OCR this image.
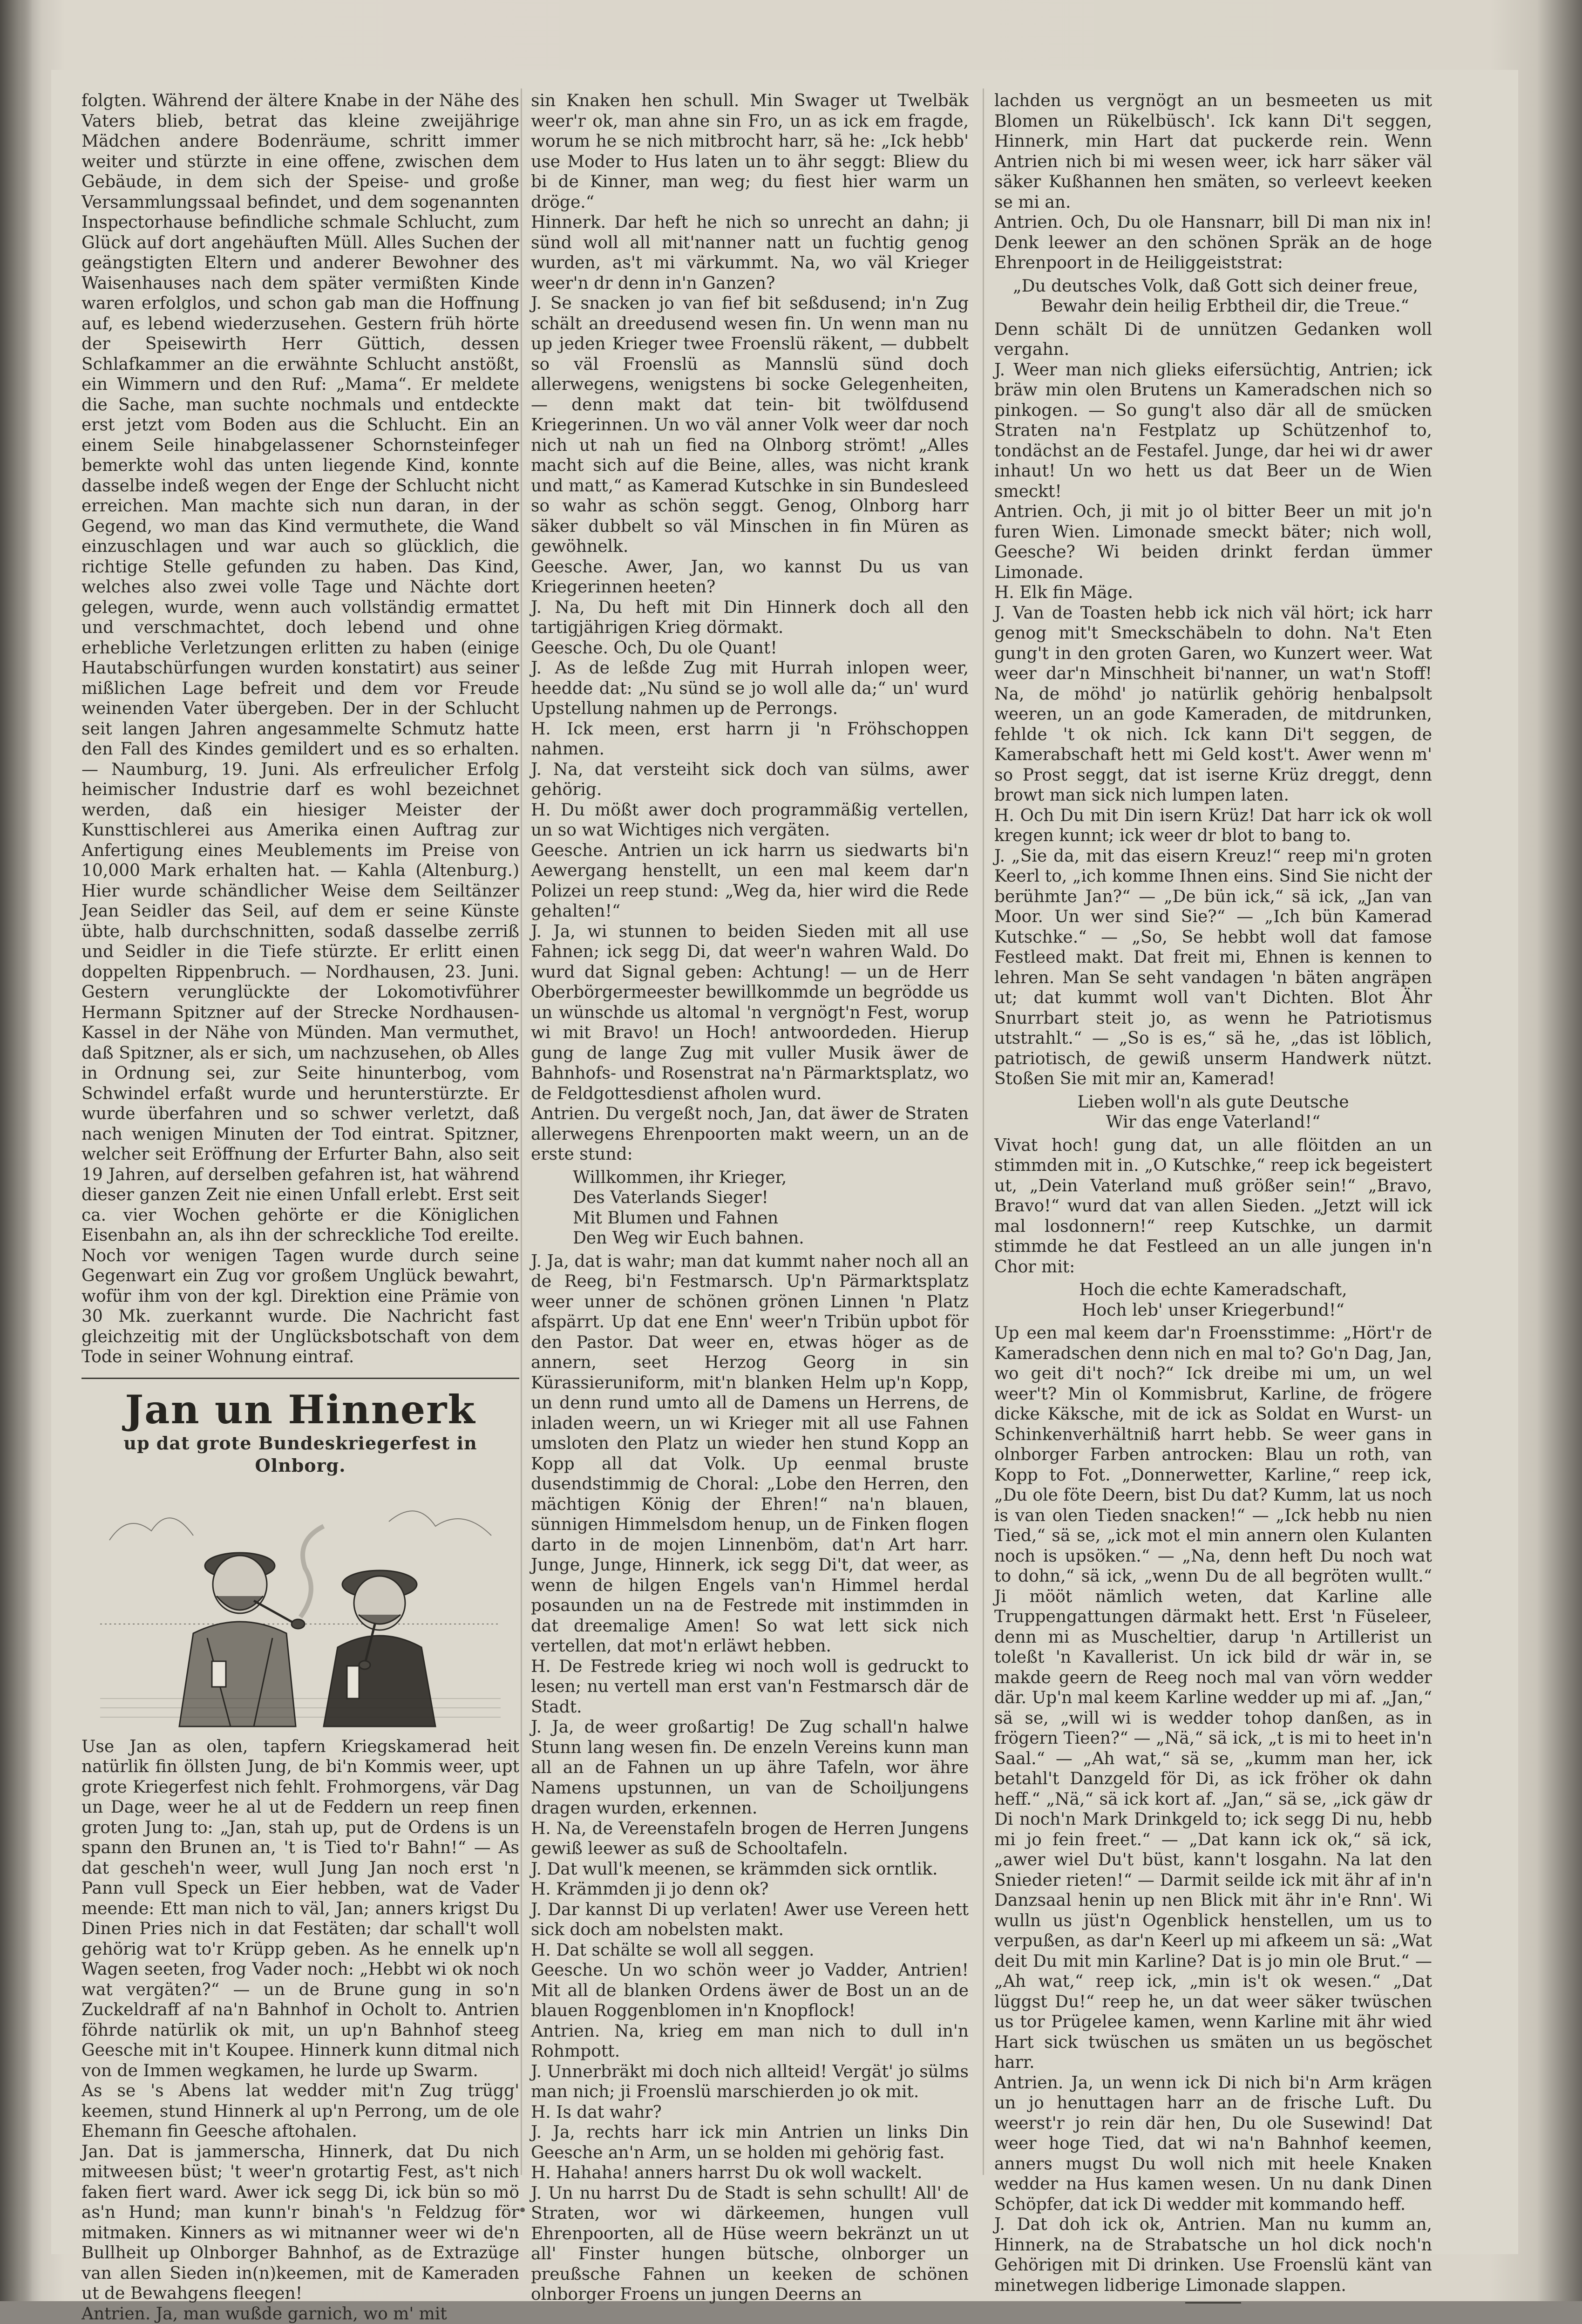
folgten. Während der ältere Knabe in der Nähe des Vaters blieb, betrat das kleine zweijährige Mädchen andere Bodenräume, schritt immer weiter und stürzte in eine offene, zwischen dem Gebäude, in dem sich der Speise- und große Versammlungssaal befindet, und dem sogenannten Inspectorhause befindliche schmale Schlucht, zum Glück auf dort angehäuften Müll. Alles Suchen der geängstigten Eltern und anderer Bewohner des Waisenhauses nach dem später vermißten Kinde waren erfolglos, und schon gab man die Hoffnung auf, es lebend wiederzusehen. Gestern früh hörte der Speisewirth Herr Güttich, dessen Schlafkammer an die erwähnte Schlucht anstößt, ein Wimmern und den Ruf: „Mama“. Er meldete die Sache, man suchte nochmals und entdeckte erst jetzt vom Boden aus die Schlucht. Ein an einem Seile hinabgelassener Schornsteinfeger bemerkte wohl das unten liegende Kind, konnte dasselbe indeß wegen der Enge der Schlucht nicht erreichen. Man machte sich nun daran, in der Gegend, wo man das Kind vermuthete, die Wand einzuschlagen und war auch so glücklich, die richtige Stelle gefunden zu haben. Das Kind, welches also zwei volle Tage und Nächte dort gelegen, wurde, wenn auch vollständig ermattet und verschmachtet, doch lebend und ohne erhebliche Verletzungen erlitten zu haben (einige Hautabschürfungen wurden konstatirt) aus seiner mißlichen Lage befreit und dem vor Freude weinenden Vater übergeben. Der in der Schlucht seit langen Jahren angesammelte Schmutz hatte den Fall des Kindes gemildert und es so erhalten. — Naumburg, 19. Juni. Als erfreulicher Erfolg heimischer Industrie darf es wohl bezeichnet werden, daß ein hiesiger Meister der Kunsttischlerei aus Amerika einen Auftrag zur Anfertigung eines Meublements im Preise von 10,000 Mark erhalten hat. — Kahla (Altenburg.) Hier wurde schändlicher Weise dem Seiltänzer Jean Seidler das Seil, auf dem er seine Künste übte, halb durchschnitten, sodaß dasselbe zerriß und Seidler in die Tiefe stürzte. Er erlitt einen doppelten Rippenbruch. — Nordhausen, 23. Juni. Gestern verunglückte der Lokomotivführer Hermann Spitzner auf der Strecke Nordhausen-Kassel in der Nähe von Münden. Man vermuthet, daß Spitzner, als er sich, um nachzusehen, ob Alles in Ordnung sei, zur Seite hinunterbog, vom Schwindel erfaßt wurde und herunterstürzte. Er wurde überfahren und so schwer verletzt, daß nach wenigen Minuten der Tod eintrat. Spitzner, welcher seit Eröffnung der Erfurter Bahn, also seit 19 Jahren, auf derselben gefahren ist, hat während dieser ganzen Zeit nie einen Unfall erlebt. Erst seit ca. vier Wochen gehörte er die Königlichen Eisenbahn an, als ihn der schreckliche Tod ereilte. Noch vor wenigen Tagen wurde durch seine Gegenwart ein Zug vor großem Unglück bewahrt, wofür ihm von der kgl. Direktion eine Prämie von 30 Mk. zuerkannt wurde. Die Nachricht fast gleichzeitig mit der Unglücksbotschaft von dem Tode in seiner Wohnung eintraf.

Jan un Hinnerk
up dat grote Bundeskriegerfest in Olnborg.

Use Jan as olen, tapfern Kriegskamerad heit natürlik fin öllsten Jung, de bi'n Kommis weer, upt grote Kriegerfest nich fehlt. Frohmorgens, vär Dag un Dage, weer he al ut de Feddern un reep finen groten Jung to: „Jan, stah up, put de Ordens is un spann den Brunen an, 't is Tied to'r Bahn!“ — As dat gescheh'n weer, wull Jung Jan noch erst 'n Pann vull Speck un Eier hebben, wat de Vader meende: Ett man nich to väl, Jan; anners krigst Du Dinen Pries nich in dat Festäten; dar schall't woll gehörig wat to'r Krüpp geben. As he ennelk up'n Wagen seeten, frog Vader noch: „Hebbt wi ok noch wat vergäten?“ — un de Brune gung in so'n Zuckeldraff af na'n Bahnhof in Ocholt to. Antrien föhrde natürlik ok mit, un up'n Bahnhof steeg Geesche mit in't Koupee. Hinnerk kunn ditmal nich von de Immen wegkamen, he lurde up Swarm.

As se 's Abens lat wedder mit'n Zug trügg' keemen, stund Hinnerk al up'n Perrong, um de ole Ehemann fin Geesche aftohalen.

Jan. Dat is jammerscha, Hinnerk, dat Du nich mitweesen büst; 't weer'n grotartig Fest, as't nich faken fiert ward. Awer ick segg Di, ick bün so mö as'n Hund; man kunn'r binah's 'n Feldzug för mitmaken. Kinners as wi mitnanner weer wi de'n Bullheit up Olnborger Bahnhof, as de Extrazüge van allen Sieden in(n)keemen, mit de Kameraden ut de Bewahgens fleegen!

Antrien. Ja, man wußde garnich, wo m' mit

sin Knaken hen schull. Min Swager ut Twelbäk weer'r ok, man ahne sin Fro, un as ick em fragde, worum he se nich mitbrocht harr, sä he: „Ick hebb' use Moder to Hus laten un to ähr seggt: Bliew du bi de Kinner, man weg; du fiest hier warm un dröge.“

Hinnerk. Dar heft he nich so unrecht an dahn; ji sünd woll all mit'nanner natt un fuchtig genog wurden, as't mi värkummt. Na, wo väl Krieger weer'n dr denn in'n Ganzen?

J. Se snacken jo van fief bit seßdusend; in'n Zug schält an dreedusend wesen fin. Un wenn man nu up jeden Krieger twee Froenslü räkent, — dubbelt so väl Froenslü as Mannslü sünd doch allerwegens, wenigstens bi socke Gelegenheiten, — denn makt dat tein- bit twölfdusend Kriegerinnen. Un wo väl anner Volk weer dar noch nich ut nah un fied na Olnborg strömt! „Alles macht sich auf die Beine, alles, was nicht krank und matt,“ as Kamerad Kutschke in sin Bundesleed so wahr as schön seggt. Genog, Olnborg harr säker dubbelt so väl Minschen in fin Müren as gewöhnelk.

Geesche. Awer, Jan, wo kannst Du us van Kriegerinnen heeten?

J. Na, Du heft mit Din Hinnerk doch all den tartigjährigen Krieg dörmakt.

Geesche. Och, Du ole Quant!

J. As de leßde Zug mit Hurrah inlopen weer, heedde dat: „Nu sünd se jo woll alle da;“ un' wurd Upstellung nahmen up de Perrongs.

H. Ick meen, erst harrn ji 'n Fröhschoppen nahmen.

J. Na, dat versteiht sick doch van sülms, awer gehörig.

H. Du mößt awer doch programmäßig vertellen, un so wat Wichtiges nich vergäten.

Geesche. Antrien un ick harrn us siedwarts bi'n Aewergang henstellt, un een mal keem dar'n Polizei un reep stund: „Weg da, hier wird die Rede gehalten!“

J. Ja, wi stunnen to beiden Sieden mit all use Fahnen; ick segg Di, dat weer'n wahren Wald. Do wurd dat Signal geben: Achtung! — un de Herr Oberbörgermeester bewillkommde un begrödde us un wünschde us altomal 'n vergnögt'n Fest, worup wi mit Bravo! un Hoch! antwoordeden. Hierup gung de lange Zug mit vuller Musik äwer de Bahnhofs- und Rosenstrat na'n Pärmarktsplatz, wo de Feldgottesdienst afholen wurd.

Antrien. Du vergeßt noch, Jan, dat äwer de Straten allerwegens Ehrenpoorten makt weern, un an de erste stund:

Willkommen, ihr Krieger,
Des Vaterlands Sieger!
Mit Blumen und Fahnen
Den Weg wir Euch bahnen.

J. Ja, dat is wahr; man dat kummt naher noch all an de Reeg, bi'n Festmarsch. Up'n Pärmarktsplatz weer unner de schönen grönen Linnen 'n Platz afspärrt. Up dat ene Enn' weer'n Tribün upbot för den Pastor. Dat weer en, etwas höger as de annern, seet Herzog Georg in sin Kürassieruniform, mit'n blanken Helm up'n Kopp, un denn rund umto all de Damens un Herrens, de inladen weern, un wi Krieger mit all use Fahnen umsloten den Platz un wieder hen stund Kopp an Kopp all dat Volk. Up eenmal bruste dusendstimmig de Choral: „Lobe den Herren, den mächtigen König der Ehren!“ na'n blauen, sünnigen Himmelsdom henup, un de Finken flogen darto in de mojen Linnenböm, dat'n Art harr. Junge, Junge, Hinnerk, ick segg Di't, dat weer, as wenn de hilgen Engels van'n Himmel herdal posaunden un na de Festrede mit instimmden in dat dreemalige Amen! So wat lett sick nich vertellen, dat mot'n erläwt hebben.

H. De Festrede krieg wi noch woll is gedruckt to lesen; nu vertell man erst van'n Festmarsch där de Stadt.

J. Ja, de weer großartig! De Zug schall'n halwe Stunn lang wesen fin. De enzeln Vereins kunn man all an de Fahnen un up ähre Tafeln, wor ähre Namens upstunnen, un van de Schoiljungens dragen wurden, erkennen.

H. Na, de Vereenstafeln brogen de Herren Jungens gewiß leewer as suß de Schooltafeln.

J. Dat wull'k meenen, se krämmden sick orntlik.

H. Krämmden ji jo denn ok?

J. Dar kannst Di up verlaten! Awer use Vereen hett sick doch am nobelsten makt.

H. Dat schälte se woll all seggen.

Geesche. Un wo schön weer jo Vadder, Antrien! Mit all de blanken Ordens äwer de Bost un an de blauen Roggenblomen in'n Knopflock!

Antrien. Na, krieg em man nich to dull in'n Rohmpott.

J. Unnerbräkt mi doch nich allteid! Vergät' jo sülms man nich; ji Froenslü marschierden jo ok mit.

H. Is dat wahr?

J. Ja, rechts harr ick min Antrien un links Din Geesche an'n Arm, un se holden mi gehörig fast.

H. Hahaha! anners harrst Du ok woll wackelt.

J. Un nu harrst Du de Stadt is sehn schullt! All' de Straten, wor wi därkeemen, hungen vull Ehrenpoorten, all de Hüse weern bekränzt un ut all' Finster hungen bütsche, olnborger un preußsche Fahnen un keeken de schönen olnborger Froens un jungen Deerns an

lachden us vergnögt an un besmeeten us mit Blomen un Rükelbüsch'. Ick kann Di't seggen, Hinnerk, min Hart dat puckerde rein. Wenn Antrien nich bi mi wesen weer, ick harr säker väl säker Kußhannen hen smäten, so verleevt keeken se mi an.

Antrien. Och, Du ole Hansnarr, bill Di man nix in! Denk leewer an den schönen Spräk an de hoge Ehrenpoort in de Heiliggeiststrat:

„Du deutsches Volk, daß Gott sich deiner freue,
Bewahr dein heilig Erbtheil dir, die Treue.“

Denn schält Di de unnützen Gedanken woll vergahn.

J. Weer man nich glieks eifersüchtig, Antrien; ick bräw min olen Brutens un Kameradschen nich so pinkogen. — So gung't also där all de smücken Straten na'n Festplatz up Schützenhof to, tondächst an de Festafel. Junge, dar hei wi dr awer inhaut! Un wo hett us dat Beer un de Wien smeckt!

Antrien. Och, ji mit jo ol bitter Beer un mit jo'n furen Wien. Limonade smeckt bäter; nich woll, Geesche? Wi beiden drinkt ferdan ümmer Limonade.

H. Elk fin Mäge.

J. Van de Toasten hebb ick nich väl hört; ick harr genog mit't Smeckschäbeln to dohn. Na't Eten gung't in den groten Garen, wo Kunzert weer. Wat weer dar'n Minschheit bi'nanner, un wat'n Stoff! Na, de möhd' jo natürlik gehörig henbalpsolt weeren, un an gode Kameraden, de mitdrunken, fehlde 't ok nich. Ick kann Di't seggen, de Kamerabschaft hett mi Geld kost't. Awer wenn m' so Prost seggt, dat ist iserne Krüz dreggt, denn browt man sick nich lumpen laten.

H. Och Du mit Din isern Krüz! Dat harr ick ok woll kregen kunnt; ick weer dr blot to bang to.

J. „Sie da, mit das eisern Kreuz!“ reep mi'n groten Keerl to, „ich komme Ihnen eins. Sind Sie nicht der berühmte Jan?“ — „De bün ick,“ sä ick, „Jan van Moor. Un wer sind Sie?“ — „Ich bün Kamerad Kutschke.“ — „So, Se hebbt woll dat famose Festleed makt. Dat freit mi, Ehnen is kennen to lehren. Man Se seht vandagen 'n bäten angräpen ut; dat kummt woll van't Dichten. Blot Ähr Snurrbart steit jo, as wenn he Patriotismus utstrahlt.“ — „So is es,“ sä he, „das ist löblich, patriotisch, de gewiß unserm Handwerk nützt. Stoßen Sie mit mir an, Kamerad!

Lieben woll'n als gute Deutsche
Wir das enge Vaterland!“

Vivat hoch! gung dat, un alle flöitden an un stimmden mit in. „O Kutschke,“ reep ick begeistert ut, „Dein Vaterland muß größer sein!“ „Bravo, Bravo!“ wurd dat van allen Sieden. „Jetzt will ick mal losdonnern!“ reep Kutschke, un darmit stimmde he dat Festleed an un alle jungen in'n Chor mit:

Hoch die echte Kameradschaft,
Hoch leb' unser Kriegerbund!“

Up een mal keem dar'n Froensstimme: „Hört'r de Kameradschen denn nich en mal to? Go'n Dag, Jan, wo geit di't noch?“ Ick dreibe mi um, un wel weer't? Min ol Kommisbrut, Karline, de frögere dicke Käksche, mit de ick as Soldat en Wurst- un Schinkenverhältniß harrt hebb. Se weer gans in olnborger Farben antrocken: Blau un roth, van Kopp to Fot. „Donnerwetter, Karline,“ reep ick, „Du ole föte Deern, bist Du dat? Kumm, lat us noch is van olen Tieden snacken!“ — „Ick hebb nu nien Tied,“ sä se, „ick mot el min annern olen Kulanten noch is upsöken.“ — „Na, denn heft Du noch wat to dohn,“ sä ick, „wenn Du de all begröten wullt.“ Ji mööt nämlich weten, dat Karline alle Truppengattungen därmakt hett. Erst 'n Füseleer, denn mi as Muscheltier, darup 'n Artillerist un toleßt 'n Kavallerist. Un ick bild dr wär in, se makde geern de Reeg noch mal van vörn wedder där. Up'n mal keem Karline wedder up mi af. „Jan,“ sä se, „will wi is wedder tohop danßen, as in frögern Tieen?“ — „Nä,“ sä ick, „t is mi to heet in'n Saal.“ — „Ah wat,“ sä se, „kumm man her, ick betahl't Danzgeld för Di, as ick fröher ok dahn heff.“ „Nä,“ sä ick kort af. „Jan,“ sä se, „ick gäw dr Di noch'n Mark Drinkgeld to; ick segg Di nu, hebb mi jo fein freet.“ — „Dat kann ick ok,“ sä ick, „awer wiel Du't büst, kann't losgahn. Na lat den Snieder rieten!“ — Darmit seilde ick mit ähr af in'n Danzsaal henin up nen Blick mit ähr in'e Rnn'. Wi wulln us jüst'n Ogenblick henstellen, um us to verpußen, as dar'n Keerl up mi afkeem un sä: „Wat deit Du mit min Karline? Dat is jo min ole Brut.“ — „Ah wat,“ reep ick, „min is't ok wesen.“ „Dat lüggst Du!“ reep he, un dat weer säker twüschen us tor Prügelee kamen, wenn Karline mit ähr wied Hart sick twüschen us smäten un us begöschet harr.

Antrien. Ja, un wenn ick Di nich bi'n Arm krägen un jo henuttagen harr an de frische Luft. Du weerst'r jo rein där hen, Du ole Susewind! Dat weer hoge Tied, dat wi na'n Bahnhof keemen, anners mugst Du woll nich mit heele Knaken wedder na Hus kamen wesen. Un nu dank Dinen Schöpfer, dat ick Di wedder mit kommando heff.

J. Dat doh ick ok, Antrien. Man nu kumm an, Hinnerk, na de Strabatsche un hol dick noch'n Gehörigen mit Di drinken. Use Froenslü känt van minetwegen lidberige Limonade slappen.
